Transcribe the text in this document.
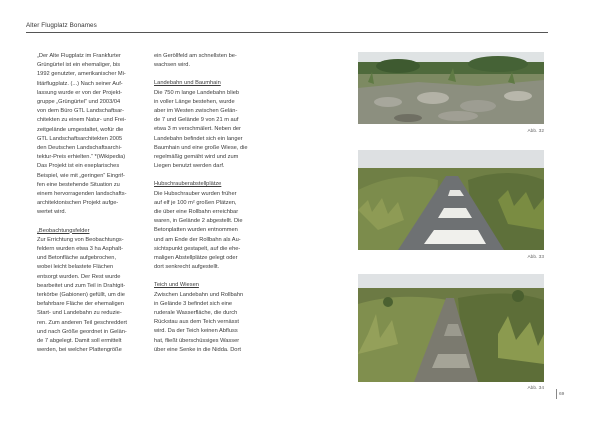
Alter Flugplatz Bonames

„Der Alte Flugplatz im Frankfurter
Grüngürtel ist ein ehemaliger, bis
1992 genutzter, amerikanischer Mi-
litärflugplatz. (...) Nach seiner Auf-
lassung wurde er von der Projekt-
gruppe „Grüngürtel“ und 2003/04
von dem Büro GTL Landschaftsar-
chitekten zu einem Natur- und Frei-
zeitgelände umgestaltet, wofür die
GTL Landschaftsarchitekten 2005
den Deutschen Landschaftsarchi-
tektur-Preis erhielten.“ *(Wikipedia)
Das Projekt ist ein exeplarisches
Beispiel, wie mit „geringen“ Eingrif-
fen eine bestehende Situation zu
einem hervorragenden landschafts-
architektonischen Projekt aufge-
wertet wird.

„Beobachtungsfelder

Zur Errichtung von Beobachtungs-
feldern wurden etwa 3 ha Asphalt-
und Betonfläche aufgebrochen,
wobei leicht belastete Flächen
entsorgt wurden. Der Rest wurde
bearbeitet und zum Teil in Drahtgit-
terkörbe (Gabionen) gefüllt, um die
befahrbare Fläche der ehemaligen
Start- und Landebahn zu reduzie-
ren. Zum anderen Teil geschreddert
und nach Größe geordnet in Gelän-
de 7 abgelegt. Damit soll ermittelt
werden, bei welcher Plattengröße

ein Geröllfeld am schnellsten be-
wachsen wird.

Landebahn und Baumhain

Die 750 m lange Landebahn blieb
in voller Länge bestehen, wurde
aber im Westen zwischen Gelän-
de 7 und Gelände 9 von 21 m auf
etwa 3 m verschmälert. Neben der
Landebahn befindet sich ein langer
Baumhain und eine große Wiese, die
regelmäßig gemäht wird und zum
Liegen benutzt werden darf.

Hubschrauberabstellplätze

Die Hubschrauber wurden früher
auf elf je 100 m² großen Plätzen,
die über eine Rollbahn erreichbar
waren, in Gelände 2 abgestellt. Die
Betonplatten wurden entnommen
und am Ende der Rollbahn als Au-
sichtspunkt gestapelt, auf die ehe-
maligen Abstellplätze gelegt oder
dort senkrecht aufgestellt.

Teich und Wiesen

Zwischen Landebahn und Rollbahn
in Gelände 3 befindet sich eine
ruderale Wasserfläche, die durch
Rückstau aus dem Teich vernässt
wird. Da der Teich keinen Abfluss
hat, fließt überschüssiges Wasser
über eine Senke in die Nidda. Dort

Abb. 32
Abb. 33
Abb. 34
69
